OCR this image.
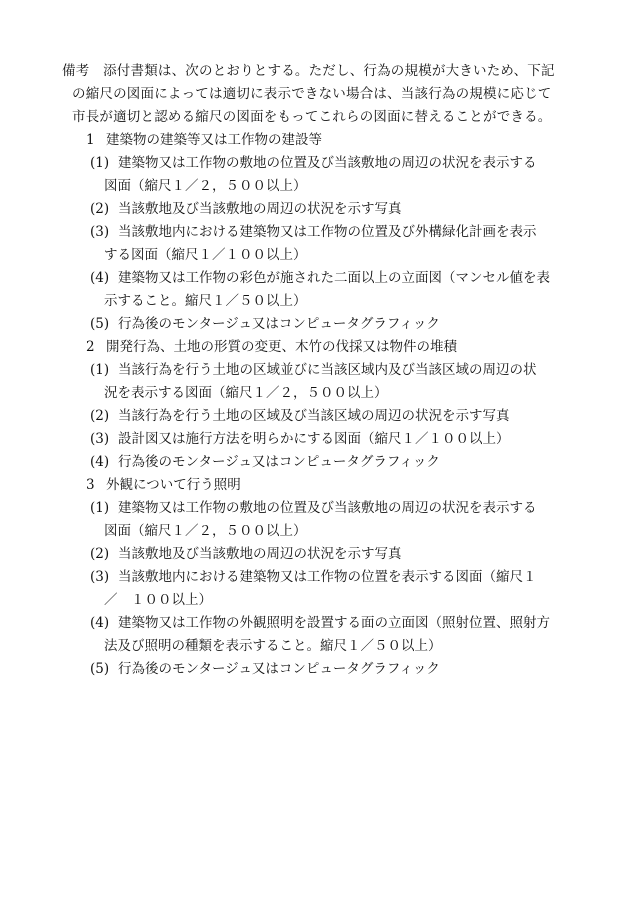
備考　 添付書類は、次のとおりとする。ただし、行為の規模が大きいため、下記
の縮尺の図面によっては適切に表示できない場合は、当該行為の規模に応じて
市長が適切と認める縮尺の図面をもってこれらの図面に替えることができる。
1 建築物の建築等又は工作物の建設等
(1) 建築物又は工作物の敷地の位置及び当該敷地の周辺の状況を表示する
図面（縮尺１／２，５００以上）
(2) 当該敷地及び当該敷地の周辺の状況を示す写真
(3) 当該敷地内における建築物又は工作物の位置及び外構緑化計画を表示
する図面（縮尺１／１００以上）
(4) 建築物又は工作物の彩色が施された二面以上の立面図（マンセル値を表
示すること。縮尺１／５０以上）
(5) 行為後のモンタージュ又はコンピュータグラフィック
2 開発行為、土地の形質の変更、木竹の伐採又は物件の堆積
(1) 当該行為を行う土地の区域並びに当該区域内及び当該区域の周辺の状
況を表示する図面（縮尺１／２，５００以上）
(2) 当該行為を行う土地の区域及び当該区域の周辺の状況を示す写真
(3) 設計図又は施行方法を明らかにする図面（縮尺１／１００以上）
(4) 行為後のモンタージュ又はコンピュータグラフィック
3 外観について行う照明
(1) 建築物又は工作物の敷地の位置及び当該敷地の周辺の状況を表示する
図面（縮尺１／２，５００以上）
(2) 当該敷地及び当該敷地の周辺の状況を示す写真
(3) 当該敷地内における建築物又は工作物の位置を表示する図面（縮尺１
／　１００以上）
(4) 建築物又は工作物の外観照明を設置する面の立面図（照射位置、照射方
法及び照明の種類を表示すること。縮尺１／５０以上）
(5) 行為後のモンタージュ又はコンピュータグラフィック
